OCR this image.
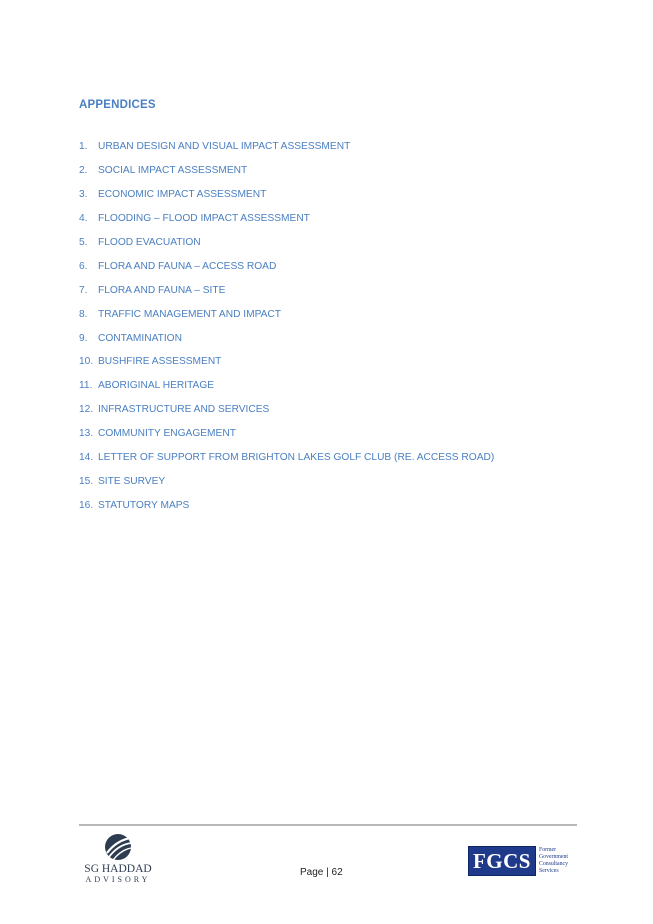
APPENDICES
1.	URBAN DESIGN AND VISUAL IMPACT ASSESSMENT
2.	SOCIAL IMPACT ASSESSMENT
3.	ECONOMIC IMPACT ASSESSMENT
4.	FLOODING – FLOOD IMPACT ASSESSMENT
5.	FLOOD EVACUATION
6.	FLORA AND FAUNA – ACCESS ROAD
7.	FLORA AND FAUNA – SITE
8.	TRAFFIC MANAGEMENT AND IMPACT
9.	CONTAMINATION
10. BUSHFIRE ASSESSMENT
11. ABORIGINAL HERITAGE
12. INFRASTRUCTURE AND SERVICES
13. COMMUNITY ENGAGEMENT
14. LETTER OF SUPPORT FROM BRIGHTON LAKES GOLF CLUB (RE. ACCESS ROAD)
15. SITE SURVEY
16. STATUTORY MAPS
SG HADDAD
ADVISORY
Page | 62	FGCS	Former
Government
Consultancy
Services
